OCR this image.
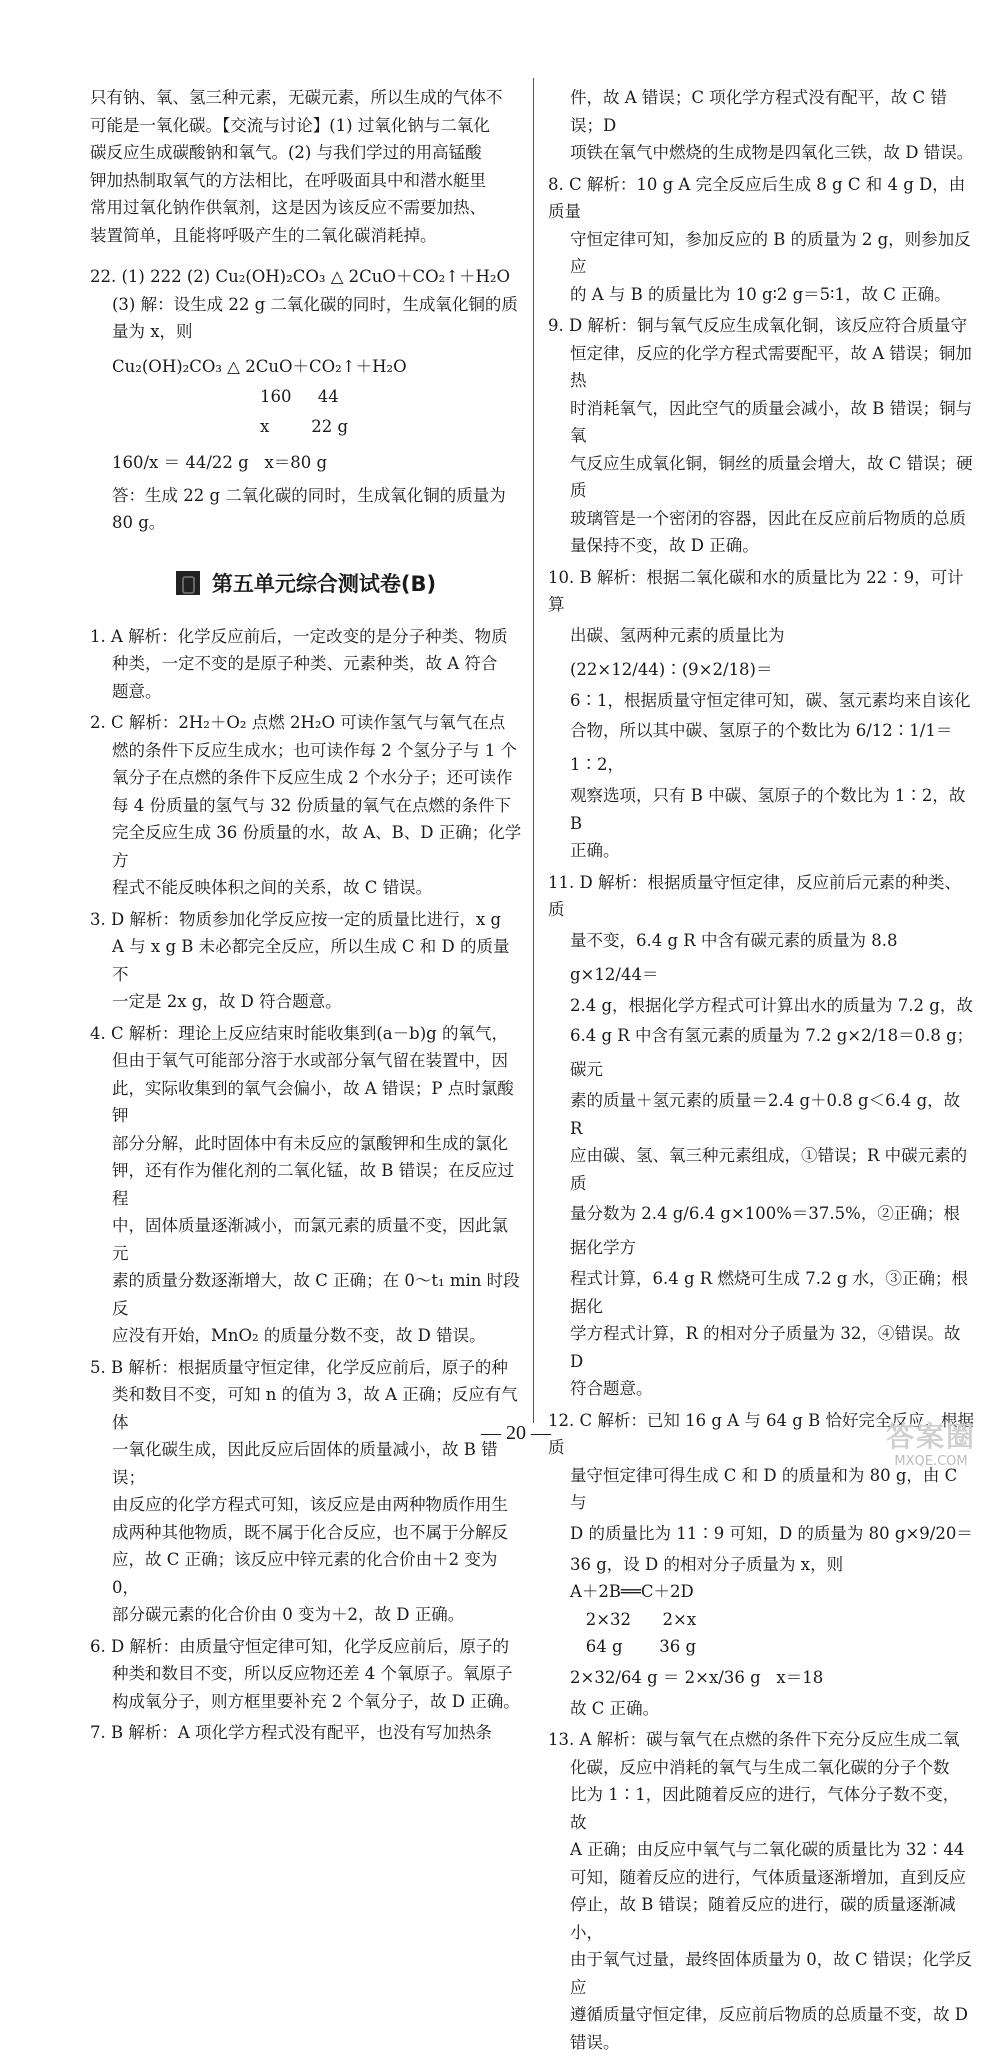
只有钠、氧、氢三种元素，无碳元素，所以生成的气体不

可能是一氧化碳。【交流与讨论】(1) 过氧化钠与二氧化

碳反应生成碳酸钠和氧气。(2) 与我们学过的用高锰酸

钾加热制取氧气的方法相比，在呼吸面具中和潜水艇里

常用过氧化钠作供氧剂，这是因为该反应不需要加热、

装置简单，且能将呼吸产生的二氧化碳消耗掉。

22. (1) 222 (2) Cu₂(OH)₂CO₃ △ 2CuO＋CO₂↑＋H₂O

(3) 解：设生成 22 g 二氧化碳的同时，生成氧化铜的质

量为 x，则

Cu₂(OH)₂CO₃ △ 2CuO＋CO₂↑＋H₂O

160     44

x        22 g

160/x ＝ 44/22 g   x＝80 g

答：生成 22 g 二氧化碳的同时，生成氧化铜的质量为

80 g。

第五单元综合测试卷(B)

1. A 解析：化学反应前后，一定改变的是分子种类、物质

种类，一定不变的是原子种类、元素种类，故 A 符合

题意。

2. C 解析：2H₂＋O₂ 点燃 2H₂O 可读作氢气与氧气在点

燃的条件下反应生成水；也可读作每 2 个氢分子与 1 个

氧分子在点燃的条件下反应生成 2 个水分子；还可读作

每 4 份质量的氢气与 32 份质量的氧气在点燃的条件下

完全反应生成 36 份质量的水，故 A、B、D 正确；化学方

程式不能反映体积之间的关系，故 C 错误。

3. D 解析：物质参加化学反应按一定的质量比进行，x g

A 与 x g B 未必都完全反应，所以生成 C 和 D 的质量不

一定是 2x g，故 D 符合题意。

4. C 解析：理论上反应结束时能收集到(a－b)g 的氧气，

但由于氧气可能部分溶于水或部分氧气留在装置中，因

此，实际收集到的氧气会偏小，故 A 错误；P 点时氯酸钾

部分分解，此时固体中有未反应的氯酸钾和生成的氯化

钾，还有作为催化剂的二氧化锰，故 B 错误；在反应过程

中，固体质量逐渐减小，而氯元素的质量不变，因此氯元

素的质量分数逐渐增大，故 C 正确；在 0～t₁ min 时段反

应没有开始，MnO₂ 的质量分数不变，故 D 错误。

5. B 解析：根据质量守恒定律，化学反应前后，原子的种

类和数目不变，可知 n 的值为 3，故 A 正确；反应有气体

一氧化碳生成，因此反应后固体的质量减小，故 B 错误；

由反应的化学方程式可知，该反应是由两种物质作用生

成两种其他物质，既不属于化合反应，也不属于分解反

应，故 C 正确；该反应中锌元素的化合价由＋2 变为 0，

部分碳元素的化合价由 0 变为＋2，故 D 正确。

6. D 解析：由质量守恒定律可知，化学反应前后，原子的

种类和数目不变，所以反应物还差 4 个氧原子。氧原子

构成氧分子，则方框里要补充 2 个氧分子，故 D 正确。

7. B 解析：A 项化学方程式没有配平，也没有写加热条

件，故 A 错误；C 项化学方程式没有配平，故 C 错误；D

项铁在氧气中燃烧的生成物是四氧化三铁，故 D 错误。

8. C 解析：10 g A 完全反应后生成 8 g C 和 4 g D，由质量

守恒定律可知，参加反应的 B 的质量为 2 g，则参加反应

的 A 与 B 的质量比为 10 g∶2 g＝5∶1，故 C 正确。

9. D 解析：铜与氧气反应生成氧化铜，该反应符合质量守

恒定律，反应的化学方程式需要配平，故 A 错误；铜加热

时消耗氧气，因此空气的质量会减小，故 B 错误；铜与氧

气反应生成氧化铜，铜丝的质量会增大，故 C 错误；硬质

玻璃管是一个密闭的容器，因此在反应前后物质的总质

量保持不变，故 D 正确。

10. B 解析：根据二氧化碳和水的质量比为 22∶9，可计算

出碳、氢两种元素的质量比为 (22×12/44)∶(9×2/18)＝

6∶1，根据质量守恒定律可知，碳、氢元素均来自该化

合物，所以其中碳、氢原子的个数比为 6/12∶1/1＝1∶2，

观察选项，只有 B 中碳、氢原子的个数比为 1∶2，故 B

正确。

11. D 解析：根据质量守恒定律，反应前后元素的种类、质

量不变，6.4 g R 中含有碳元素的质量为 8.8 g×12/44＝

2.4 g，根据化学方程式可计算出水的质量为 7.2 g，故

6.4 g R 中含有氢元素的质量为 7.2 g×2/18＝0.8 g；碳元

素的质量＋氢元素的质量＝2.4 g＋0.8 g＜6.4 g，故 R

应由碳、氢、氧三种元素组成，①错误；R 中碳元素的质

量分数为 2.4 g/6.4 g×100%＝37.5%，②正确；根据化学方

程式计算，6.4 g R 燃烧可生成 7.2 g 水，③正确；根据化

学方程式计算，R 的相对分子质量为 32，④错误。故 D

符合题意。

12. C 解析：已知 16 g A 与 64 g B 恰好完全反应，根据质

量守恒定律可得生成 C 和 D 的质量和为 80 g，由 C 与

D 的质量比为 11∶9 可知，D 的质量为 80 g×9/20＝

36 g，设 D 的相对分子质量为 x，则

A＋2B══C＋2D

2×32      2×x

64 g       36 g

2×32/64 g ＝ 2×x/36 g   x＝18

故 C 正确。

13. A 解析：碳与氧气在点燃的条件下充分反应生成二氧

化碳，反应中消耗的氧气与生成二氧化碳的分子个数

比为 1∶1，因此随着反应的进行，气体分子数不变，故

A 正确；由反应中氧气与二氧化碳的质量比为 32∶44

可知，随着反应的进行，气体质量逐渐增加，直到反应

停止，故 B 错误；随着反应的进行，碳的质量逐渐减小，

由于氧气过量，最终固体质量为 0，故 C 错误；化学反应

遵循质量守恒定律，反应前后物质的总质量不变，故 D

错误。

— 20 —	答案圈
MXQE.COM
